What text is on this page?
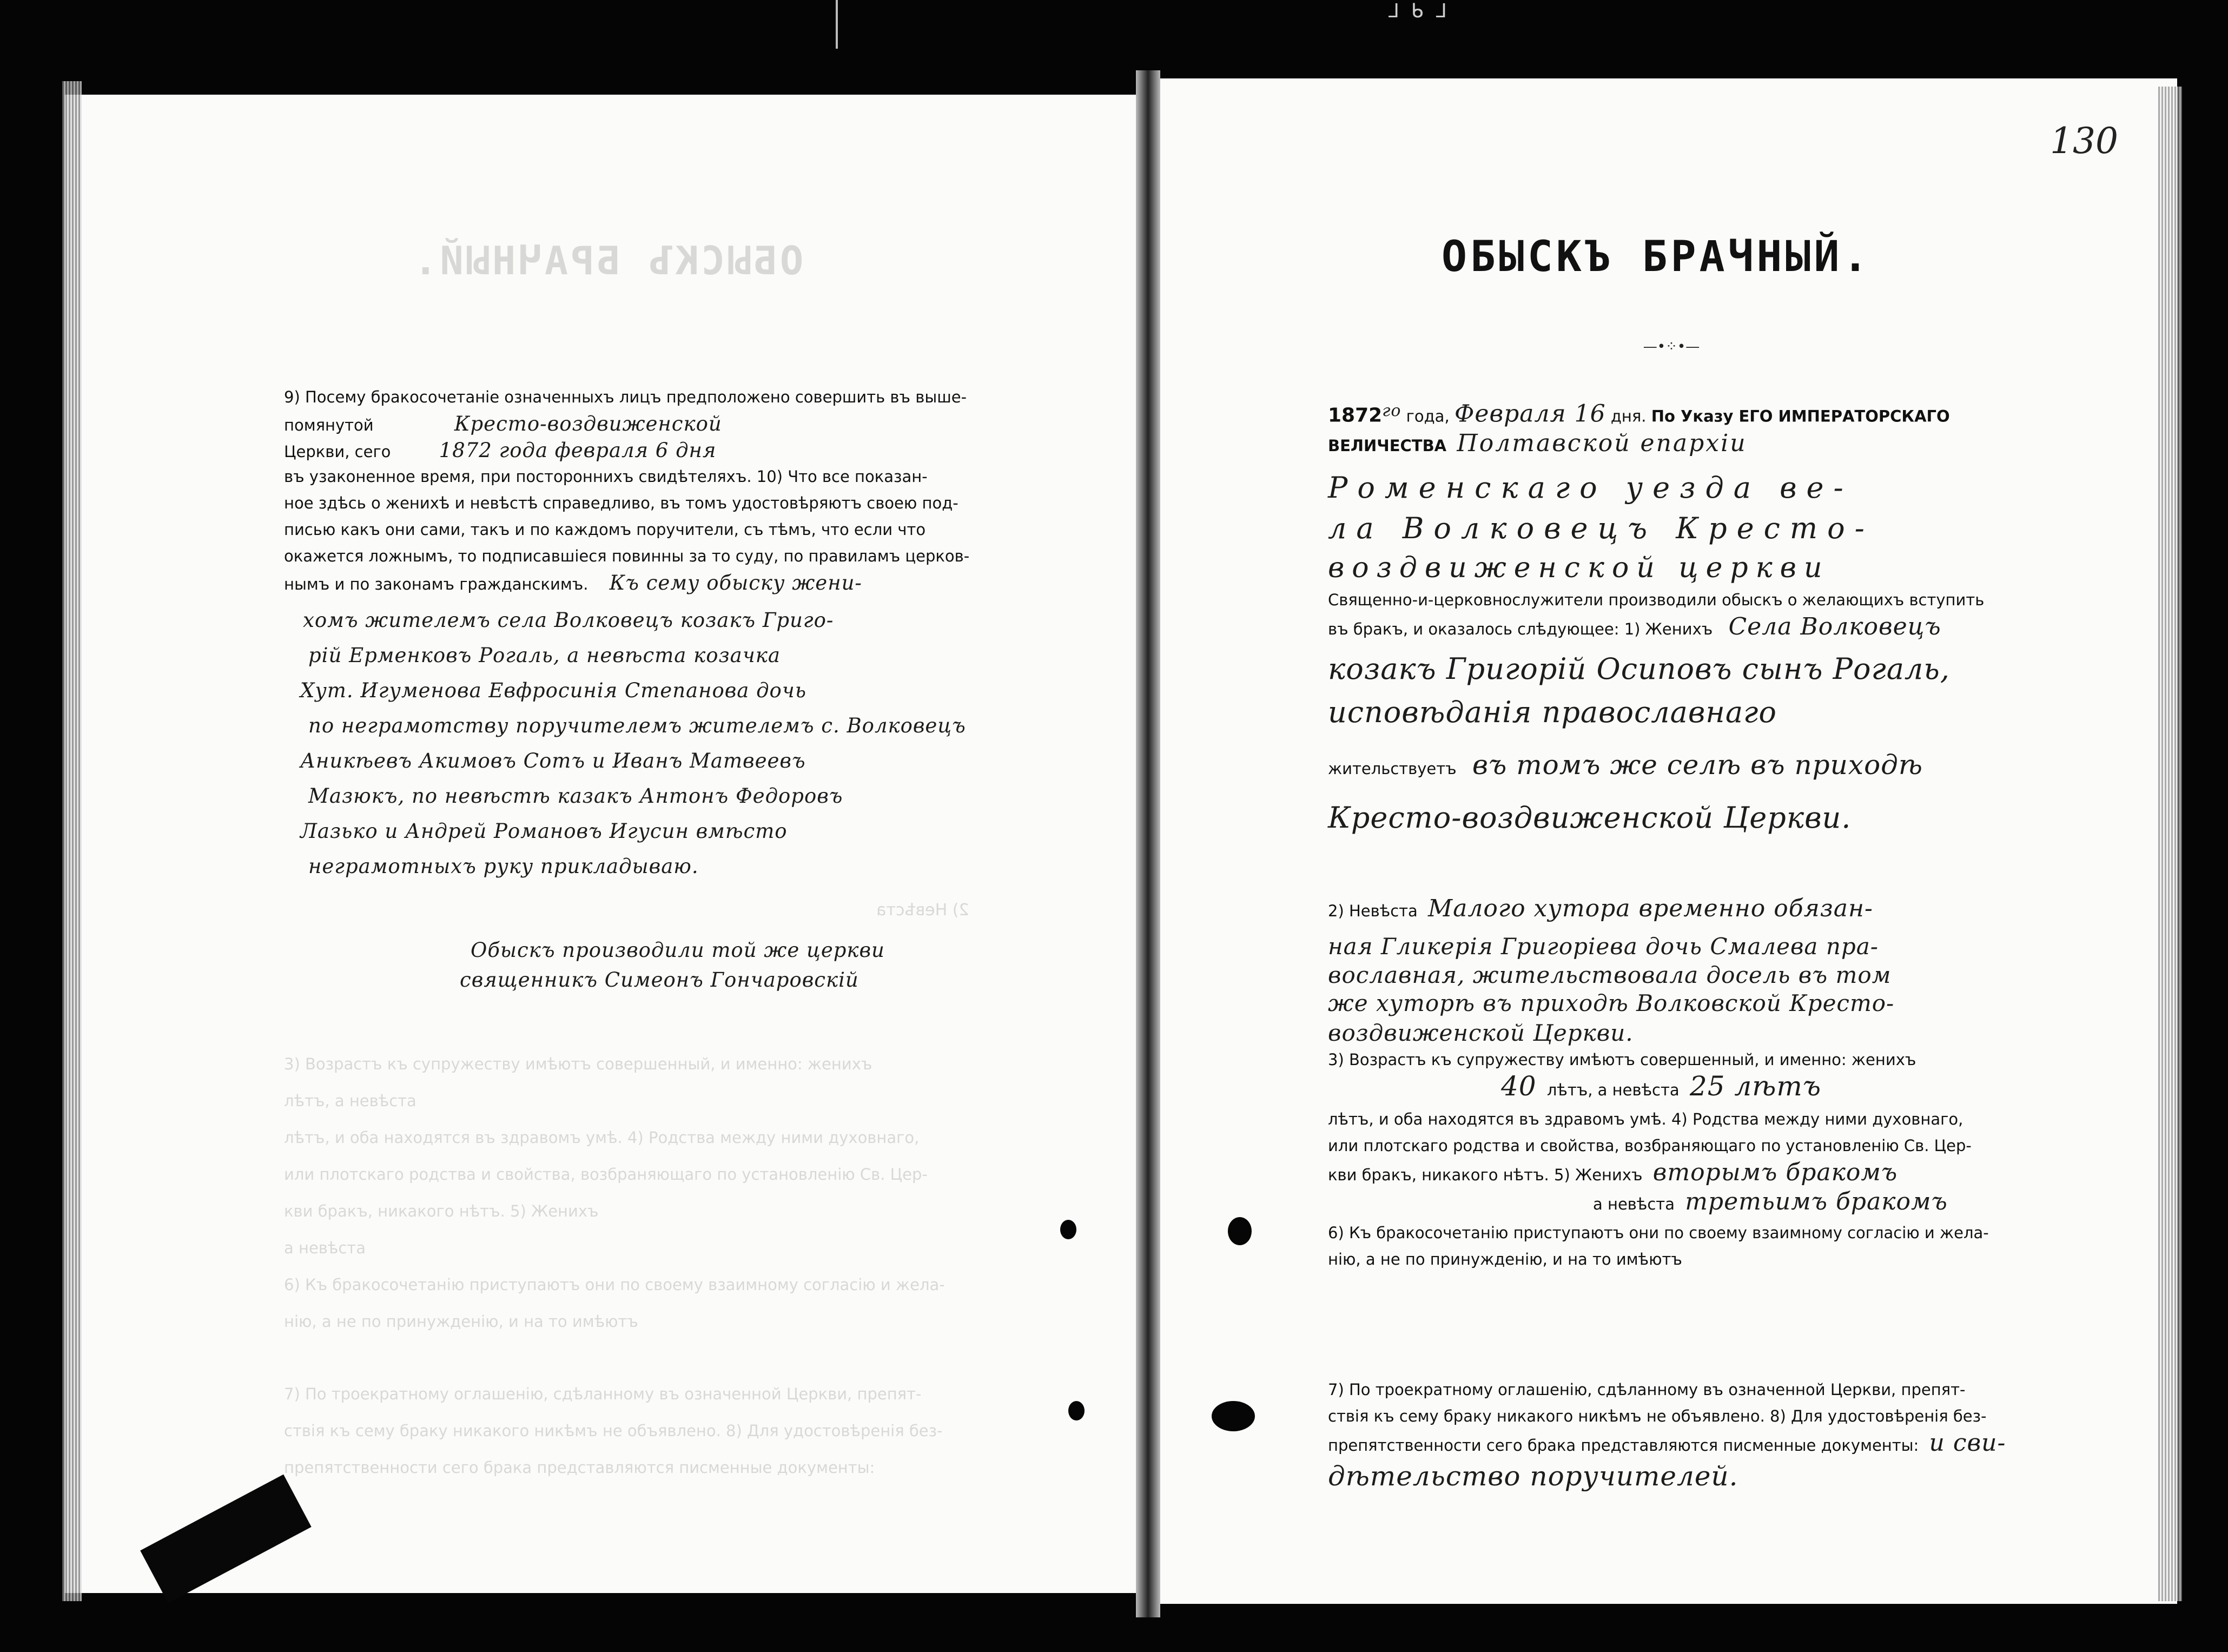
ᒧ ᑲ ᒧ
ОБЫСКЪ БРАЧНЫЙ.
9) Посему бракосочетанiе означенныхъ лицъ предположено совершить въ выше-
помянутой	Кресто-воздвиженской
Церкви, сего 1872 года февраля 6 дня
въ узаконенное время, при постороннихъ свидѣтеляхъ. 10) Что все показан-
ное здѣсь о женихѣ и невѣстѣ справедливо, въ томъ удостовѣряютъ своею под-
писью какъ они сами, такъ и по каждомъ поручители, съ тѣмъ, что если что
окажется ложнымъ, то подписавшiеся повинны за то суду, по правиламъ церков-
нымъ и по законамъ гражданскимъ. Къ сему обыску жени-
хомъ жителемъ села Волковецъ козакъ Григо-
рiй Ерменковъ Рогаль, а невѣста козачка
Хут. Игуменова Евфросинiя Степанова дочь
по неграмотству поручителемъ жителемъ с. Волковецъ
Аникѣевъ Акимовъ Сотъ и Иванъ Матвеевъ
Мазюкъ, по невѣстѣ казакъ Антонъ Федоровъ
Лазько и Андрей Романовъ Игусин вмѣсто
неграмотныхъ руку прикладываю.
2) Невѣста
Обыскъ производили той же церкви
священникъ Симеонъ Гончаровскiй
3) Возрастъ къ супружеству имѣютъ совершенный, и именно: женихъ
лѣтъ, а невѣста
лѣтъ, и оба находятся въ здравомъ умѣ. 4) Родства между ними духовнаго,
или плотскаго родства и свойства, возбраняющаго по установленiю Св. Цер-
кви бракъ, никакого нѣтъ. 5) Женихъ
а невѣста
6) Къ бракосочетанiю приступаютъ они по своему взаимному согласiю и жела-
нiю, а не по принужденiю, и на то имѣютъ
7) По троекратному оглашенiю, сдѣланному въ означенной Церкви, препят-
ствiя къ сему браку никакого никѣмъ не объявлено. 8) Для удостовѣренiя без-
препятственности сего брака представляются писменные документы:
130
ОБЫСКЪ БРАЧНЫЙ.
—•⁘•—
1872го года, Февраля 16 дня. По Указу ЕГО ИМПЕРАТОРСКАГО
ВЕЛИЧЕСТВА Полтавской епархiи
Роменскаго уезда ве-
ла Волковецъ Кресто-
воздвиженской церкви
Священно-и-церковнослужители производили обыскъ о желающихъ вступить
въ бракъ, и оказалось слѣдующее: 1) Женихъ Села Волковецъ
козакъ Григорiй Осиповъ сынъ Рогаль,
исповѣданiя православнаго
жительствуетъ въ томъ же селѣ въ приходѣ
Кресто-воздвиженской Церкви.
2) Невѣста Малого хутора временно обязан-
ная Гликерiя Григорiева дочь Смалева пра-
вославная, жительствовала досель въ том
же хуторѣ въ приходѣ Волковской Кресто-
воздвиженской Церкви.
3) Возрастъ къ супружеству имѣютъ совершенный, и именно: женихъ
40 лѣтъ, а невѣста 25 лѣтъ
лѣтъ, и оба находятся въ здравомъ умѣ. 4) Родства между ними духовнаго,
или плотскаго родства и свойства, возбраняющаго по установленiю Св. Цер-
кви бракъ, никакого нѣтъ. 5) Женихъ вторымъ бракомъ
а невѣста третьимъ бракомъ
6) Къ бракосочетанiю приступаютъ они по своему взаимному согласiю и жела-
нiю, а не по принужденiю, и на то имѣютъ
7) По троекратному оглашенiю, сдѣланному въ означенной Церкви, препят-
ствiя къ сему браку никакого никѣмъ не объявлено. 8) Для удостовѣренiя без-
препятственности сего брака представляются писменные документы: и сви-
дѣтельство поручителей.
